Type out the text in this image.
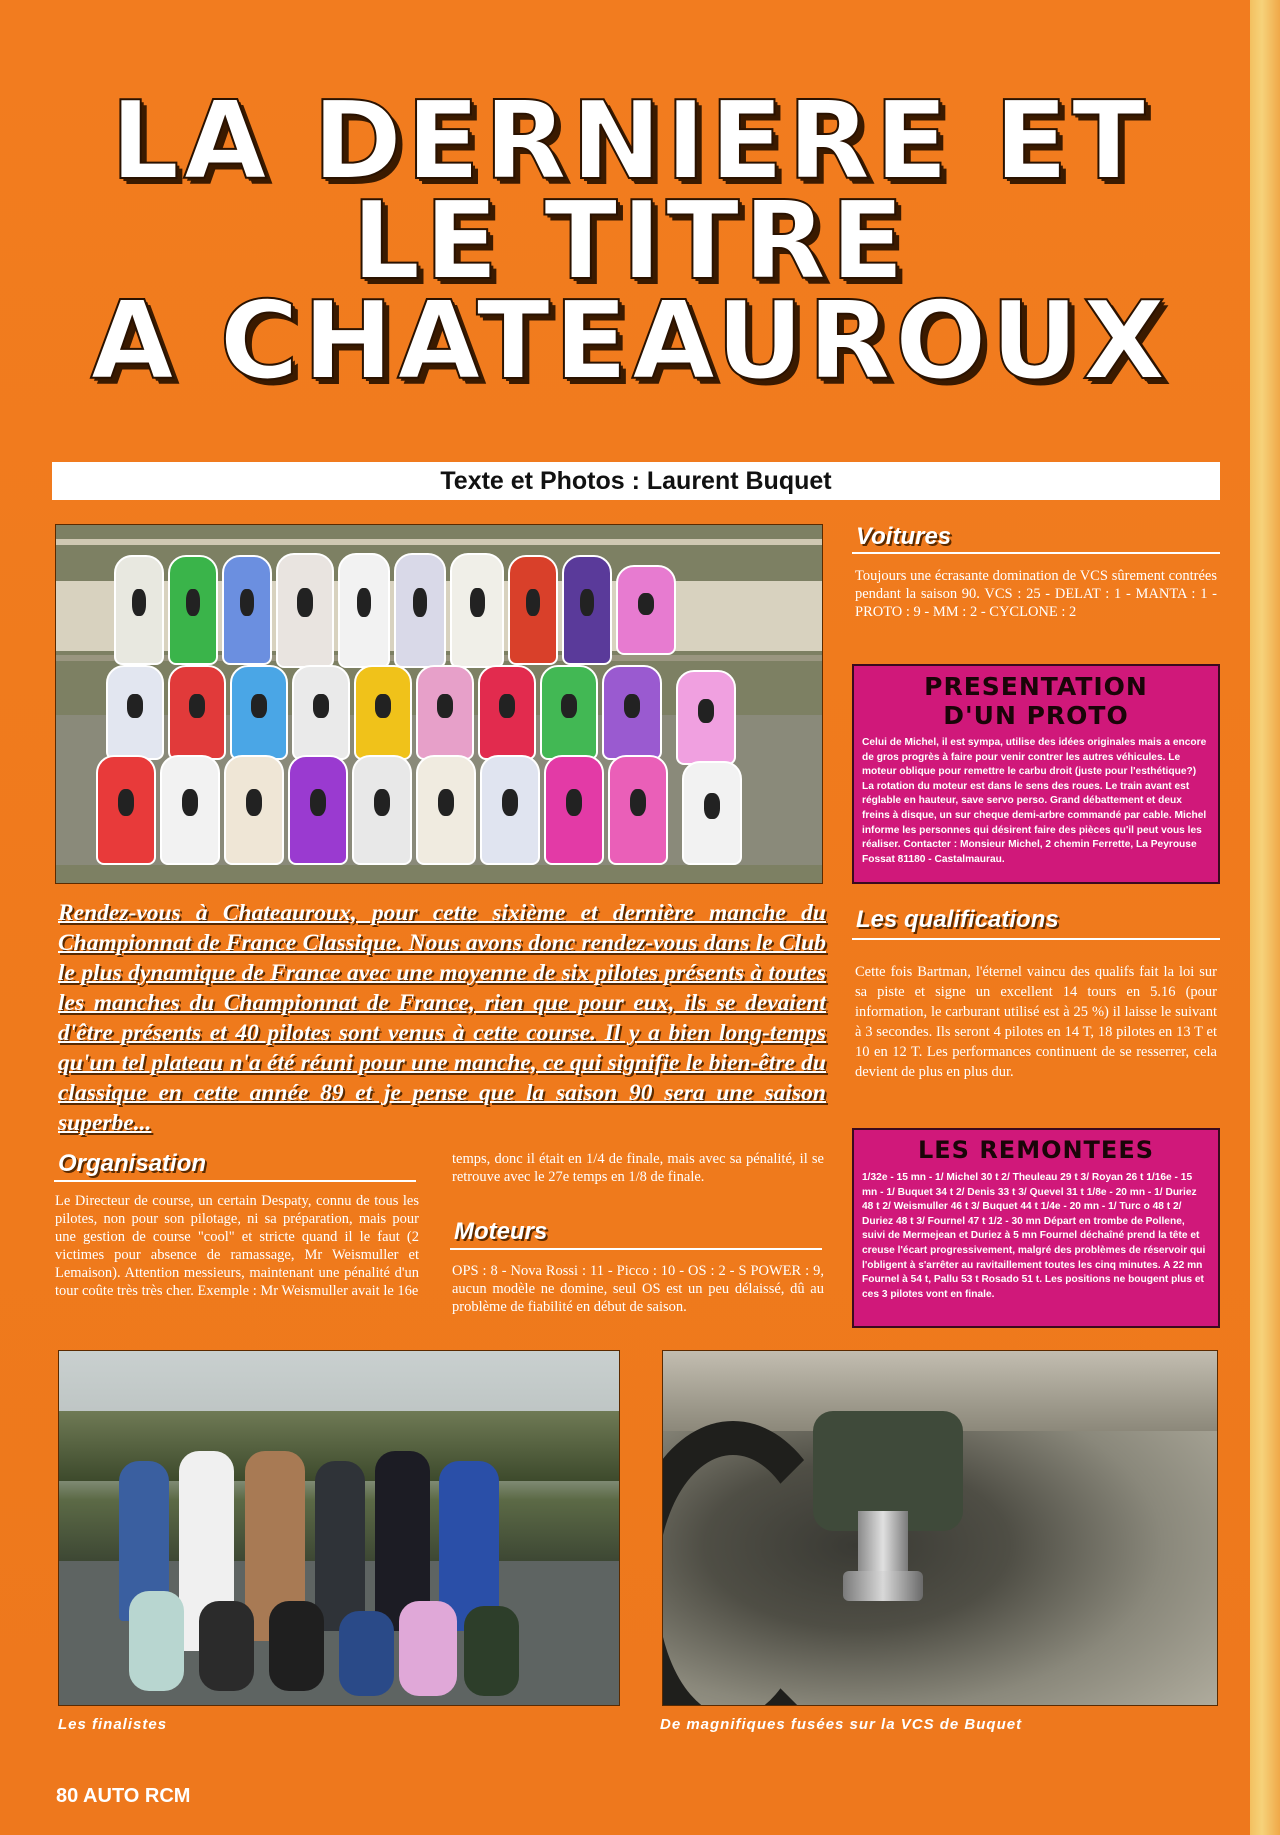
LA DERNIERE ET
LE TITRE
A CHATEAUROUX
Texte et Photos : Laurent Buquet

Rendez-vous à Chateauroux, pour cette sixième et dernière manche du Championnat de France Classique. Nous avons donc rendez-vous dans le Club le plus dynamique de France avec une moyenne de six pilotes présents à toutes les manches du Championnat de France, rien que pour eux, ils se devaient d'être présents et 40 pilotes sont venus à cette course. Il y a bien long-temps qu'un tel plateau n'a été réuni pour une manche, ce qui signifie le bien-être du classique en cette année 89 et je pense que la saison 90 sera une saison superbe...

Voitures

Toujours une écrasante domination de VCS sûrement contrées pendant la saison 90. VCS : 25 - DELAT : 1 - MANTA : 1 - PROTO : 9 - MM : 2 - CYCLONE : 2

PRESENTATION
D'UN PROTO

Celui de Michel, il est sympa, utilise des idées originales mais a encore de gros progrès à faire pour venir contrer les autres véhicules. Le moteur oblique pour remettre le carbu droit (juste pour l'esthétique?) La rotation du moteur est dans le sens des roues. Le train avant est réglable en hauteur, save servo perso. Grand débattement et deux freins à disque, un sur cheque demi-arbre commandé par cable. Michel informe les personnes qui désirent faire des pièces qu'il peut vous les réaliser. Contacter : Monsieur Michel, 2 chemin Ferrette, La Peyrouse Fossat 81180 - Castalmaurau.

Les qualifications

Cette fois Bartman, l'éternel vaincu des qualifs fait la loi sur sa piste et signe un excellent 14 tours en 5.16 (pour information, le carburant utilisé est à 25 %) il laisse le suivant à 3 secondes. Ils seront 4 pilotes en 14 T, 18 pilotes en 13 T et 10 en 12 T. Les performances continuent de se resserrer, cela devient de plus en plus dur.

LES REMONTEES

1/32e - 15 mn - 1/ Michel 30 t 2/ Theuleau 29 t 3/ Royan 26 t 1/16e - 15 mn - 1/ Buquet 34 t 2/ Denis 33 t 3/ Quevel 31 t 1/8e - 20 mn - 1/ Duriez 48 t 2/ Weismuller 46 t 3/ Buquet 44 t 1/4e - 20 mn - 1/ Turc o 48 t 2/ Duriez 48 t 3/ Fournel 47 t 1/2 - 30 mn Départ en trombe de Pollene, suivi de Mermejean et Duriez à 5 mn Fournel déchaîné prend la tête et creuse l'écart progressivement, malgré des problèmes de réservoir qui l'obligent à s'arrêter au ravitaillement toutes les cinq minutes. A 22 mn Fournel à 54 t, Pallu 53 t Rosado 51 t. Les positions ne bougent plus et ces 3 pilotes vont en finale.

Organisation

Le Directeur de course, un certain Despaty, connu de tous les pilotes, non pour son pilotage, ni sa préparation, mais pour une gestion de course "cool" et stricte quand il le faut (2 victimes pour absence de ramassage, Mr Weismuller et Lemaison). Attention messieurs, maintenant une pénalité d'un tour coûte très très cher. Exemple : Mr Weismuller avait le 16e

temps, donc il était en 1/4 de finale, mais avec sa pénalité, il se retrouve avec le 27e temps en 1/8 de finale.

Moteurs

OPS : 8 - Nova Rossi : 11 - Picco : 10 - OS : 2 - S POWER : 9, aucun modèle ne domine, seul OS est un peu délaissé, dû au problème de fiabilité en début de saison.

Les finalistes	De magnifiques fusées sur la VCS de Buquet
80 AUTO RCM
